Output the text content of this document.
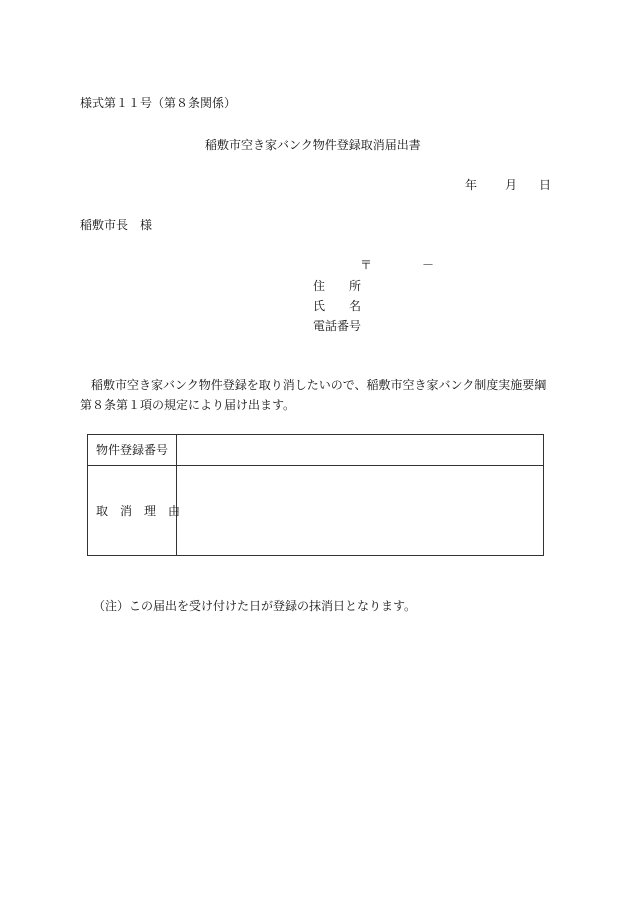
様式第１１号（第８条関係）
稲敷市空き家バンク物件登録取消届出書
年 月 日
稲敷市長　様
〒	－
住　　所
氏　　名
電話番号
稲敷市空き家バンク物件登録を取り消したいので、稲敷市空き家バンク制度実施要綱
第８条第１項の規定により届け出ます。
物件登録番号
取　消　理　由
（注）この届出を受け付けた日が登録の抹消日となります。
